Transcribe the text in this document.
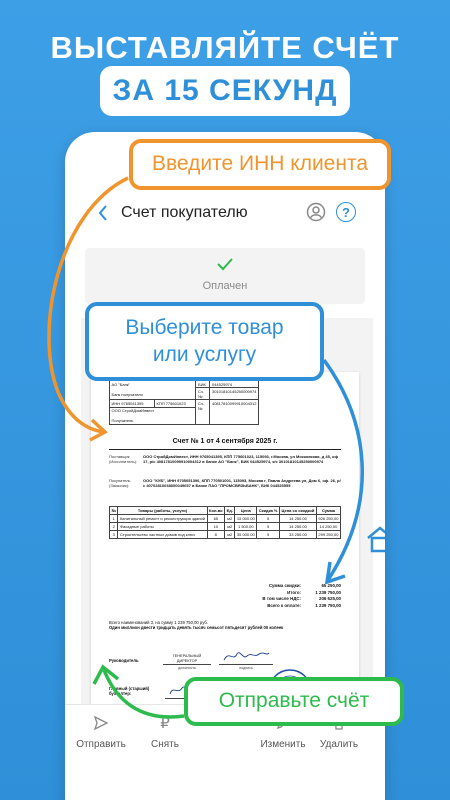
ВЫСТАВЛЯЙТЕ СЧЁТ
ЗА 15 СЕКУНД
Счет покупателю	?
Оплачен
АО "Банк"

Банк получателя		БИК	044525974
		Сч. №	30101810145250000974
ИНН 9765041395	КПП 775601023	Сч. №	40817810099910004312
ООО СтройДомИнвест

Получатель			
Счет № 1 от 4 сентября 2025 г.
Поставщик (Исполнитель):
ООО СтройДомИнвест, ИНН 9765041395, КПП 775601023, 115093, г.Москва, ул Московская, д 45, оф 17, р/с 40817810099910004312 в банке АО "Банк", БИК 044525974, к/с 30101810145250000974
Покупатель (Заказчик):
ООО "КУБ", ИНН 9705051396, КПП 770501001, 115093, Москва г, Павла Андреева ул, Дом 6, оф. 26, р/с 40702810038000049657 в Банке ПАО "ПРОМСВЯЗЬБАНК", БИК 044525555
№	Товары (работы, услуги)	Кол-во	Ед.	Цена	Скидка %	Цена со скидкой	Сумма
1	Капитальный ремонт и реконструкция зданий	65	м2	15 000.00	5	14 250.00	926 250,00
2	Фасадные работы	10	м2	1 500.00	5	14 250.00	14 250,00
3	Строительство частных домов под ключ	8	м2	35 000.00	5	33 250.00	299 250,00
Сумма скидки:	65 250,00
Итого:	1 239 750,00
В том числе НДС:	206 625,00
Всего к оплате:	1 239 750,00
Всего наименований 3, на сумму 1 239 750,00 руб.
Один миллион двести тридцать девять тысяч семьсот пятьдесят рублей 00 копеек
Руководитель
ГЕНЕРАЛЬНЫЙ ДИРЕКТОР
должность	подпись
Главный (старший) бухгалтер:
Отправить
₽
Снять	Изменить	Удалить
Введите ИНН клиента
Выберите товар
или услугу
Отправьте счёт
